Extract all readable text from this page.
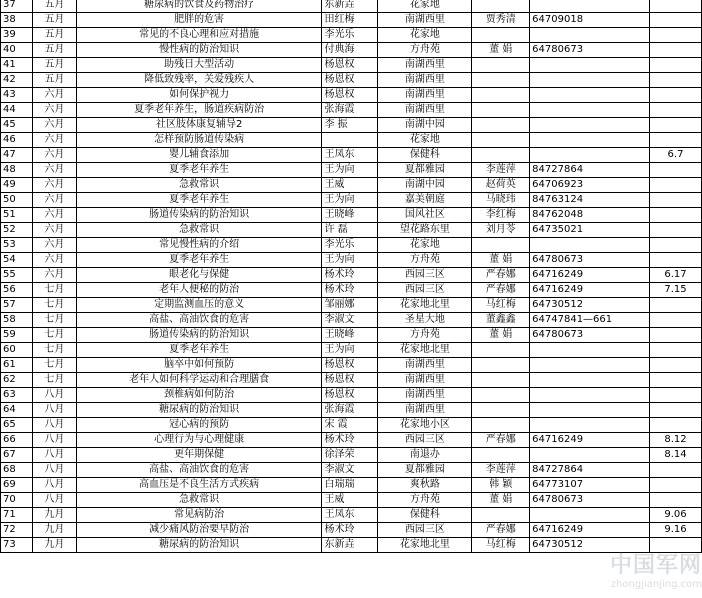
37	五月	糖尿病的饮食及药物治疗	东新垚	花家地			
38	五月	肥胖的危害	田红梅	南湖西里	贾秀清	64709018	
39	五月	常见的不良心理和应对措施	李光乐	花家地			
40	五月	慢性病的防治知识	付典海	方舟苑	董 娟	64780673	
41	五月	助残日大型活动	杨恩权	南湖西里			
42	五月	降低致残率，关爱残疾人	杨恩权	南湖西里			
43	六月	如何保护视力	杨恩权	南湖西里			
44	六月	夏季老年养生，肠道疾病防治	张海霞	南湖西里			
45	六月	社区肢体康复辅导2	李 振	南湖中园			
46	六月	怎样预防肠道传染病		花家地			
47	六月	婴儿辅食添加	王凤东	保健科			6.7
48	六月	夏季老年养生	王为向	夏都雅园	李莲萍	84727864	
49	六月	急救常识	王威	南湖中园	赵荷英	64706923	
50	六月	夏季老年养生	王为向	嘉美朝庭	马晓玮	84763124	
51	六月	肠道传染病的防治知识	王晓峰	国风社区	李红梅	84762048	
52	六月	急救常识	许 磊	望花路东里	刘月苓	64735021	
53	六月	常见慢性病的介绍	李光乐	花家地			
54	六月	夏季老年养生	王为向	方舟苑	董 娟	64780673	
55	六月	眼老化与保健	杨术玲	西园三区	严春娜	64716249	6.17
56	七月	老年人便秘的防治	杨术玲	西园三区	严春娜	64716249	7.15
57	七月	定期监测血压的意义	邹丽娜	花家地北里	马红梅	64730512	
58	七月	高盐、高油饮食的危害	李淑文	圣星大地	董鑫鑫	64747841—661	
59	七月	肠道传染病的防治知识	王晓峰	方舟苑	董 娟	64780673	
60	七月	夏季老年养生	王为向	花家地北里			
61	七月	脑卒中如何预防	杨恩权	南湖西里			
62	七月	老年人如何科学运动和合理膳食	杨恩权	南湖西里			
63	八月	颈椎病如何防治	杨恩权	南湖西里			
64	八月	糖尿病的防治知识	张海霞	南湖西里			
65	八月	冠心病的预防	宋 霞	花家地小区			
66	八月	心理行为与心理健康	杨术玲	西园三区	严春娜	64716249	8.12
67	八月	更年期保健	徐泽荣	南退办			8.14
68	八月	高盐、高油饮食的危害	李淑文	夏都雅园	李莲萍	84727864	
69	八月	高血压是不良生活方式疾病	白瑞瑞	爽秋路	韩 颖	64773107	
70	八月	急救常识	王威	方舟苑	董 娟	64780673	
71	九月	常见病防治	王凤东	保健科			9.06
72	九月	减少痛风防治要早防治	杨术玲	西园三区	严春娜	64716249	9.16
73	九月	糖尿病的防治知识	东新垚	花家地北里	马红梅	64730512	
中国军网
zhongjianjing.com
